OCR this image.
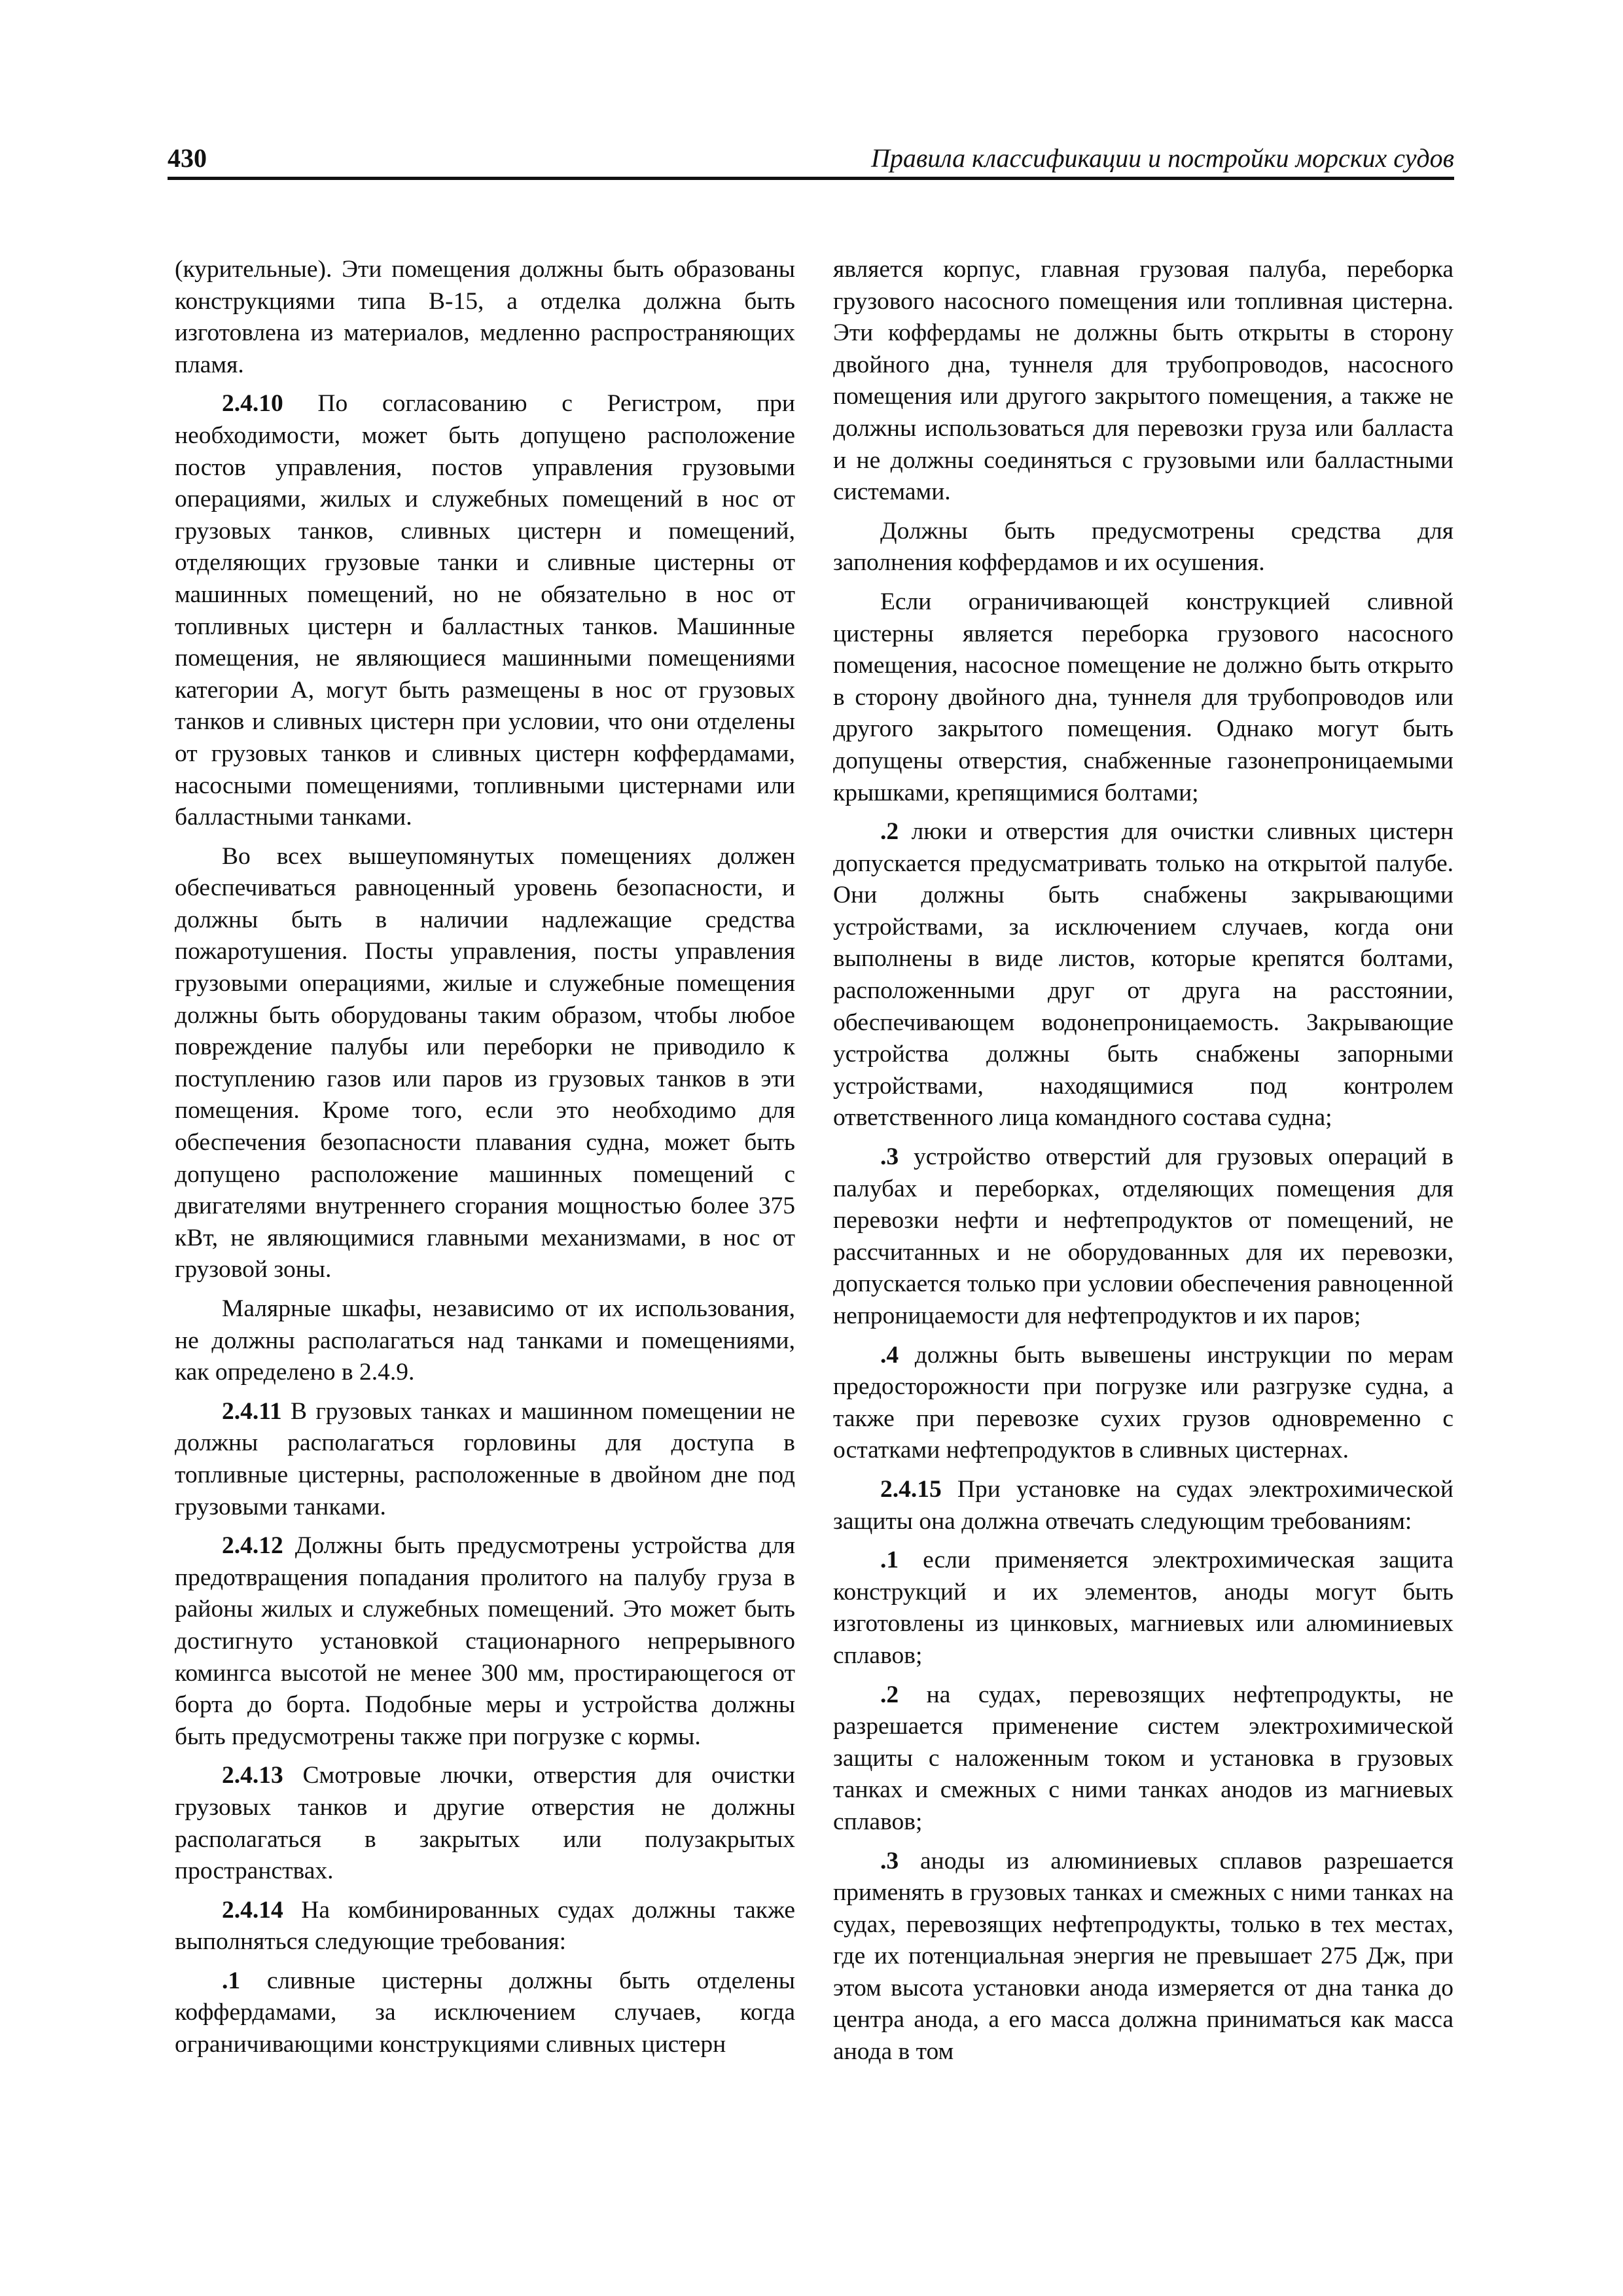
430	Правила классификации и постройки морских судов

(курительные). Эти помещения должны быть образованы конструкциями типа В-15, а отделка должна быть изготовлена из материалов, медленно распространяющих пламя.

2.4.10 По согласованию с Регистром, при необходимости, может быть допущено расположение постов управления, постов управления грузовыми операциями, жилых и служебных помещений в нос от грузовых танков, сливных цистерн и помещений, отделяющих грузовые танки и сливные цистерны от машинных помещений, но не обязательно в нос от топливных цистерн и балластных танков. Машинные помещения, не являющиеся машинными помещениями категории А, могут быть размещены в нос от грузовых танков и сливных цистерн при условии, что они отделены от грузовых танков и сливных цистерн коффердамами, насосными помещениями, топливными цистернами или балластными танками.

Во всех вышеупомянутых помещениях должен обеспечиваться равноценный уровень безопасности, и должны быть в наличии надлежащие средства пожаротушения. Посты управления, посты управления грузовыми операциями, жилые и служебные помещения должны быть оборудованы таким образом, чтобы любое повреждение палубы или переборки не приводило к поступлению газов или паров из грузовых танков в эти помещения. Кроме того, если это необходимо для обеспечения безопасности плавания судна, может быть допущено расположение машинных помещений с двигателями внутреннего сгорания мощностью более 375 кВт, не являющимися главными механизмами, в нос от грузовой зоны.

Малярные шкафы, независимо от их использования, не должны располагаться над танками и помещениями, как определено в 2.4.9.

2.4.11 В грузовых танках и машинном помещении не должны располагаться горловины для доступа в топливные цистерны, расположенные в двойном дне под грузовыми танками.

2.4.12 Должны быть предусмотрены устройства для предотвращения попадания пролитого на палубу груза в районы жилых и служебных помещений. Это может быть достигнуто установкой стационарного непрерывного комингса высотой не менее 300 мм, простирающегося от борта до борта. Подобные меры и устройства должны быть предусмотрены также при погрузке с кормы.

2.4.13 Смотровые лючки, отверстия для очистки грузовых танков и другие отверстия не должны располагаться в закрытых или полузакрытых пространствах.

2.4.14 На комбинированных судах должны также выполняться следующие требования:

.1 сливные цистерны должны быть отделены коффердамами, за исключением случаев, когда ограничивающими конструкциями сливных цистерн

является корпус, главная грузовая палуба, переборка грузового насосного помещения или топливная цистерна. Эти коффердамы не должны быть открыты в сторону двойного дна, туннеля для трубопроводов, насосного помещения или другого закрытого помещения, а также не должны использоваться для перевозки груза или балласта и не должны соединяться с грузовыми или балластными системами.

Должны быть предусмотрены средства для заполнения коффердамов и их осушения.

Если ограничивающей конструкцией сливной цистерны является переборка грузового насосного помещения, насосное помещение не должно быть открыто в сторону двойного дна, туннеля для трубопроводов или другого закрытого помещения. Однако могут быть допущены отверстия, снабженные газонепроницаемыми крышками, крепящимися болтами;

.2 люки и отверстия для очистки сливных цистерн допускается предусматривать только на открытой палубе. Они должны быть снабжены закрывающими устройствами, за исключением случаев, когда они выполнены в виде листов, которые крепятся болтами, расположенными друг от друга на расстоянии, обеспечивающем водонепроницаемость. Закрывающие устройства должны быть снабжены запорными устройствами, находящимися под контролем ответственного лица командного состава судна;

.3 устройство отверстий для грузовых операций в палубах и переборках, отделяющих помещения для перевозки нефти и нефтепродуктов от помещений, не рассчитанных и не оборудованных для их перевозки, допускается только при условии обеспечения равноценной непроницаемости для нефтепродуктов и их паров;

.4 должны быть вывешены инструкции по мерам предосторожности при погрузке или разгрузке судна, а также при перевозке сухих грузов одновременно с остатками нефтепродуктов в сливных цистернах.

2.4.15 При установке на судах электрохимической защиты она должна отвечать следующим требованиям:

.1 если применяется электрохимическая защита конструкций и их элементов, аноды могут быть изготовлены из цинковых, магниевых или алюминиевых сплавов;

.2 на судах, перевозящих нефтепродукты, не разрешается применение систем электрохимической защиты с наложенным током и установка в грузовых танках и смежных с ними танках анодов из магниевых сплавов;

.3 аноды из алюминиевых сплавов разрешается применять в грузовых танках и смежных с ними танках на судах, перевозящих нефтепродукты, только в тех местах, где их потенциальная энергия не превышает 275 Дж, при этом высота установки анода измеряется от дна танка до центра анода, а его масса должна приниматься как масса анода в том
